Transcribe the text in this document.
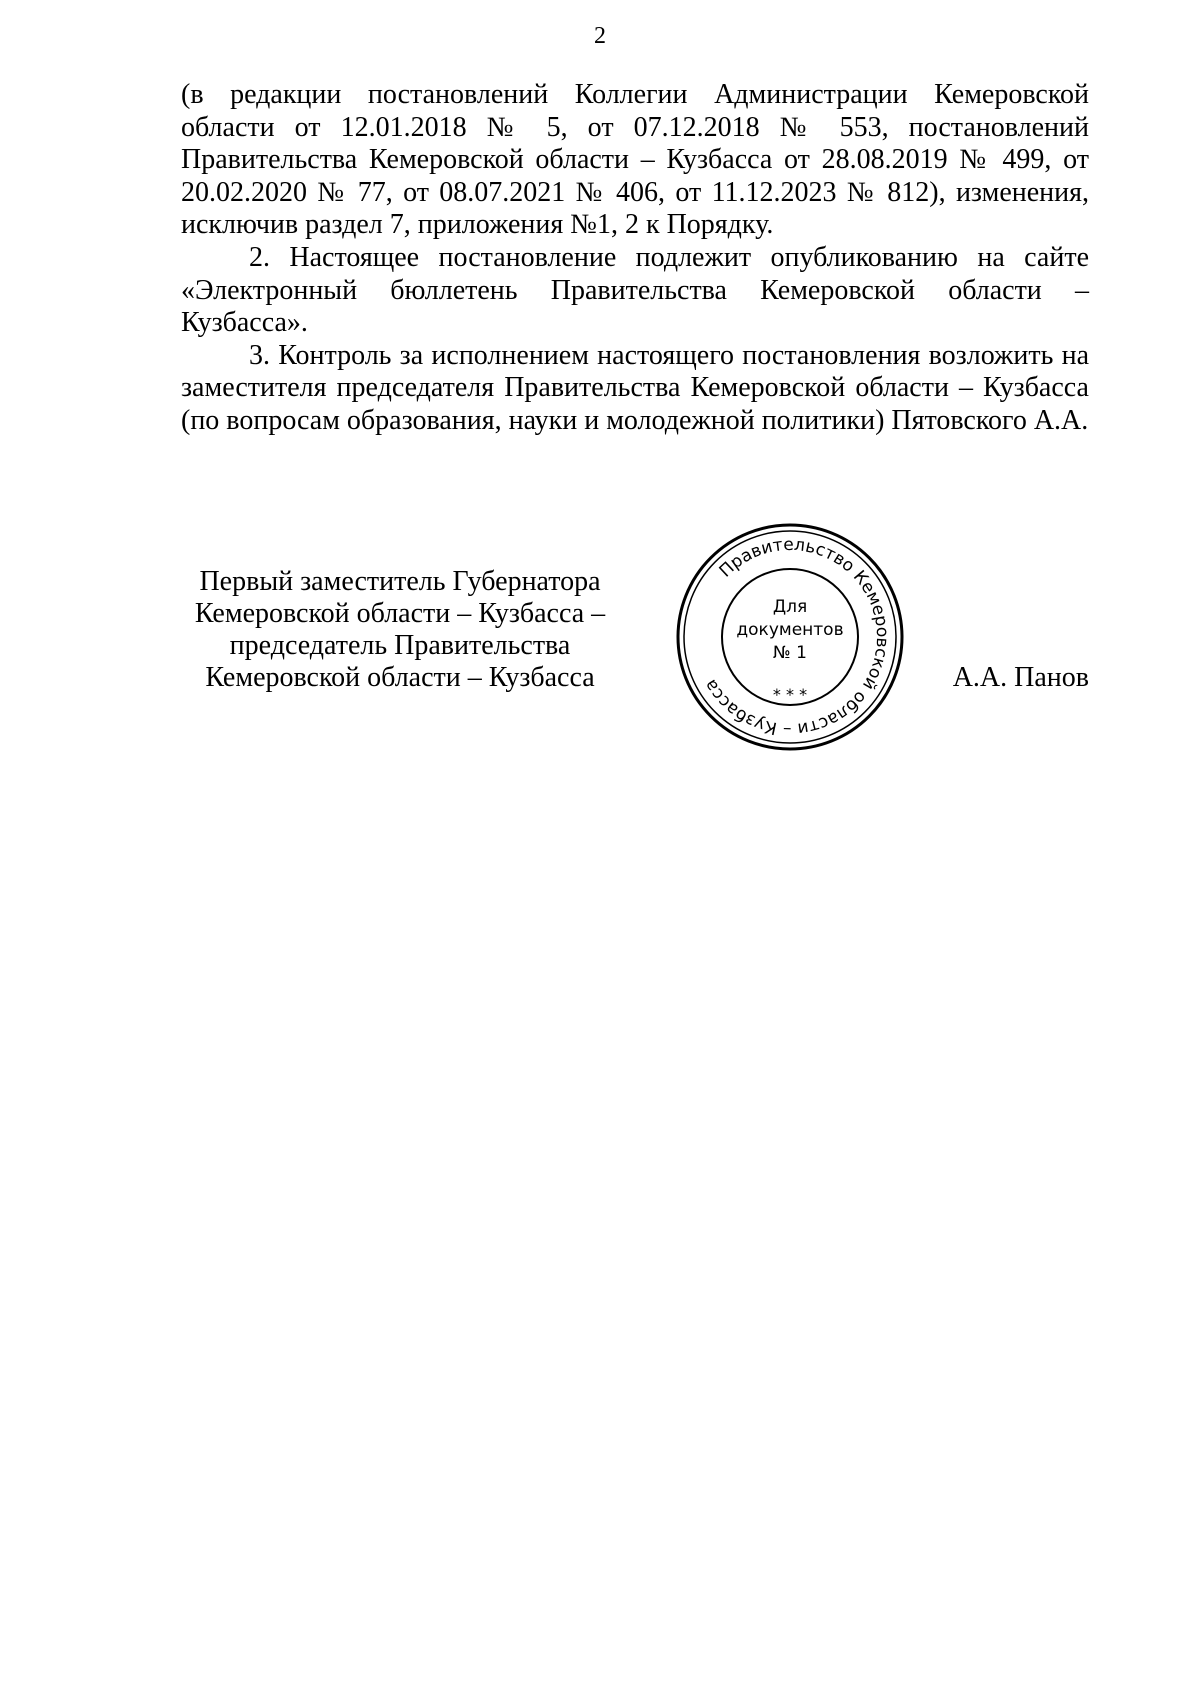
2

(в редакции постановлений Коллегии Администрации Кемеровской области от 12.01.2018 № 5, от 07.12.2018 № 553, постановлений Правительства Кемеровской области – Кузбасса от 28.08.2019 № 499, от 20.02.2020 № 77, от 08.07.2021 № 406, от 11.12.2023 № 812), изменения, исключив раздел 7, приложения №1, 2 к Порядку.

2. Настоящее постановление подлежит опубликованию на сайте «Электронный бюллетень Правительства Кемеровской области – Кузбасса».

3. Контроль за исполнением настоящего постановления возложить на заместителя председателя Правительства Кемеровской области – Кузбасса (по вопросам образования, науки и молодежной политики) Пятовского А.А.

Первый заместитель Губернатора
Кемеровской области – Кузбасса –
председатель Правительства
Кемеровской области – Кузбасса
Правительство Кемеровской области – Кузбасса	* * *
Для
документов
№ 1
А.А. Панов
